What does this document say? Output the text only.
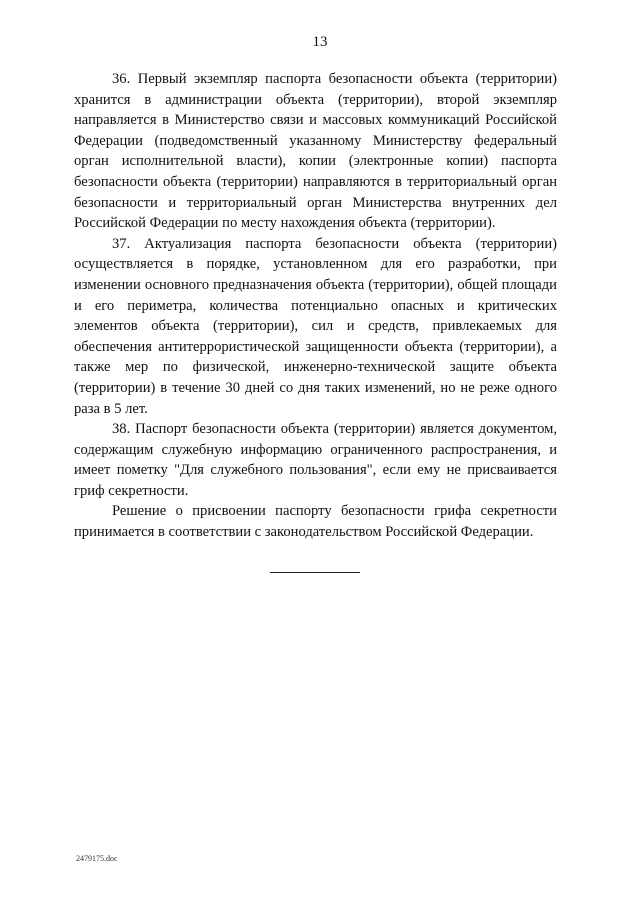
13

36. Первый экземпляр паспорта безопасности объекта (территории) хранится в администрации объекта (территории), второй экземпляр направляется в Министерство связи и массовых коммуникаций Российской Федерации (подведомственный указанному Министерству федеральный орган исполнительной власти), копии (электронные копии) паспорта безопасности объекта (территории) направляются в территориальный орган безопасности и территориальный орган Министерства внутренних дел Российской Федерации по месту нахождения объекта (территории).

37. Актуализация паспорта безопасности объекта (территории) осуществляется в порядке, установленном для его разработки, при изменении основного предназначения объекта (территории), общей площади и его периметра, количества потенциально опасных и критических элементов объекта (территории), сил и средств, привлекаемых для обеспечения антитеррористической защищенности объекта (территории), а также мер по физической, инженерно-технической защите объекта (территории) в течение 30 дней со дня таких изменений, но не реже одного раза в 5 лет.

38. Паспорт безопасности объекта (территории) является документом, содержащим служебную информацию ограниченного распространения, и имеет пометку "Для служебного пользования", если ему не присваивается гриф секретности.

Решение о присвоении паспорту безопасности грифа секретности принимается в соответствии с законодательством Российской Федерации.

2479175.doc
